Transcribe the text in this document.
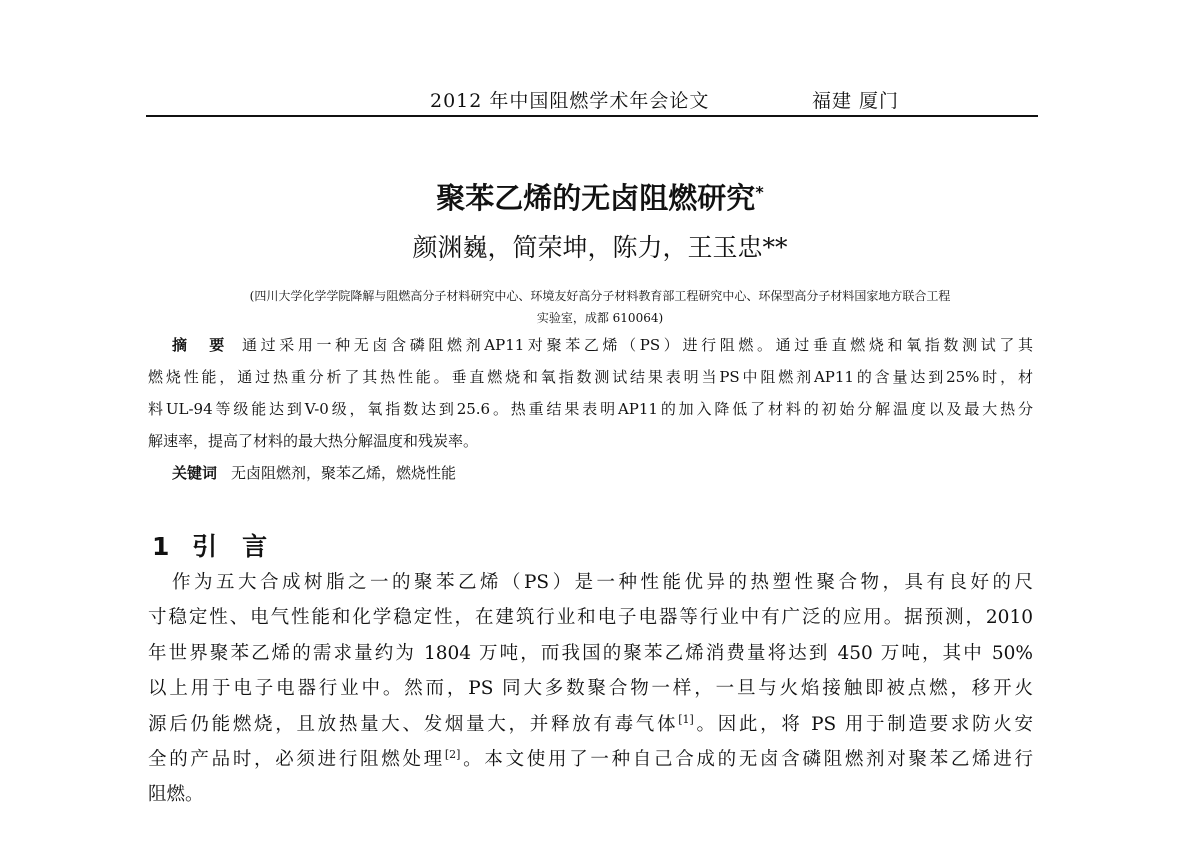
2012 年中国阻燃学术年会论文	福建 厦门
聚苯乙烯的无卤阻燃研究*
颜渊巍，简荣坤，陈力，王玉忠**
(四川大学化学学院降解与阻燃高分子材料研究中心、环境友好高分子材料教育部工程研究中心、环保型高分子材料国家地方联合工程
实验室，成都 610064)
摘　要 通过采用一种无卤含磷阻燃剂AP11对聚苯乙烯（PS）进行阻燃。通过垂直燃烧和氧指数测试了其
燃烧性能，通过热重分析了其热性能。垂直燃烧和氧指数测试结果表明当PS中阻燃剂AP11的含量达到25%时，材
料UL-94等级能达到V-0级，氧指数达到25.6。热重结果表明AP11的加入降低了材料的初始分解温度以及最大热分
解速率，提高了材料的最大热分解温度和残炭率。
关键词 无卤阻燃剂，聚苯乙烯，燃烧性能
1 引　言
作为五大合成树脂之一的聚苯乙烯（PS）是一种性能优异的热塑性聚合物，具有良好的尺
寸稳定性、电气性能和化学稳定性，在建筑行业和电子电器等行业中有广泛的应用。据预测，2010
年世界聚苯乙烯的需求量约为 1804 万吨，而我国的聚苯乙烯消费量将达到 450 万吨，其中 50%
以上用于电子电器行业中。然而，PS 同大多数聚合物一样，一旦与火焰接触即被点燃，移开火
源后仍能燃烧，且放热量大、发烟量大，并释放有毒气体[1]。因此，将 PS 用于制造要求防火安
全的产品时，必须进行阻燃处理[2]。本文使用了一种自己合成的无卤含磷阻燃剂对聚苯乙烯进行
阻燃。
